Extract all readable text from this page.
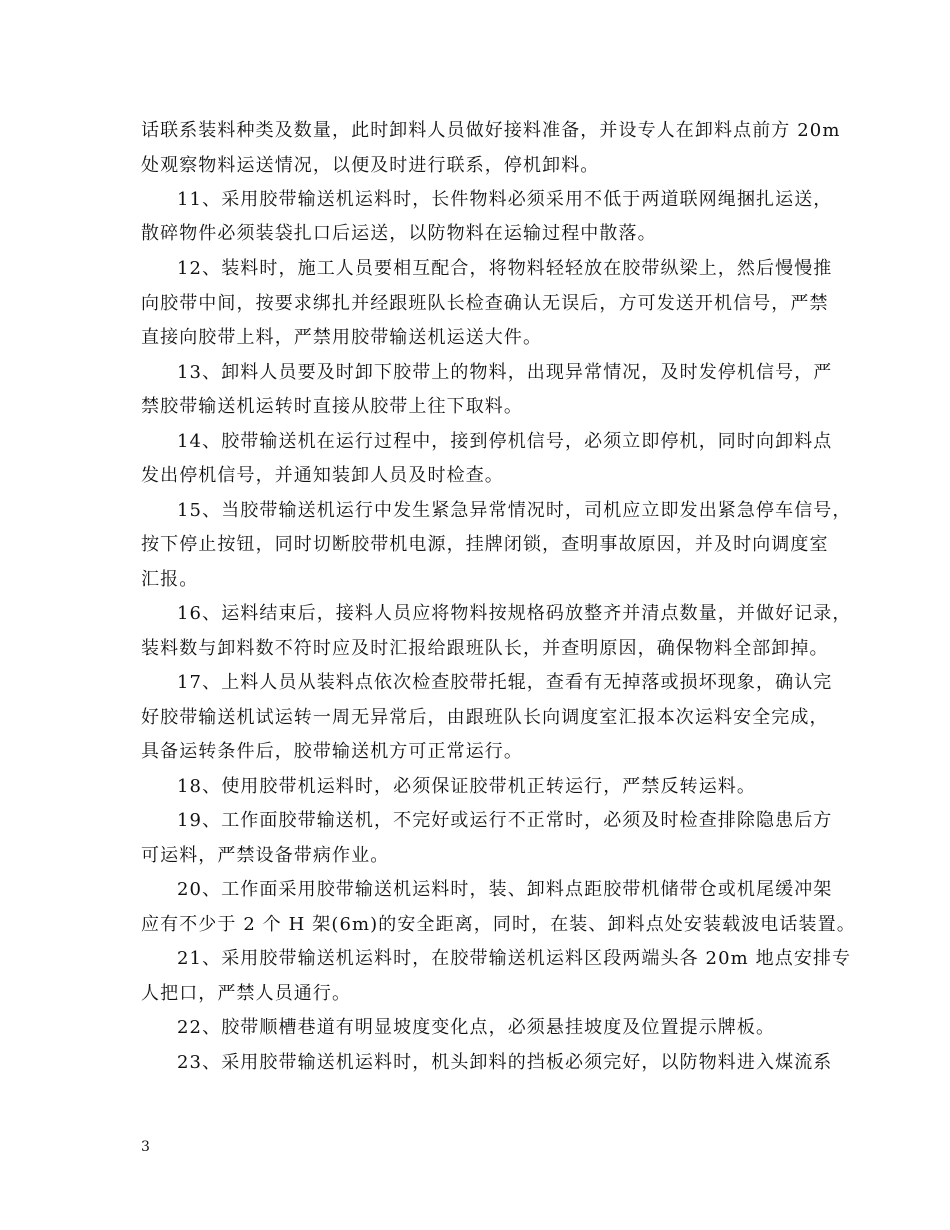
话联系装料种类及数量，此时卸料人员做好接料准备，并设专人在卸料点前方 20m
处观察物料运送情况，以便及时进行联系，停机卸料。
11、采用胶带输送机运料时，长件物料必须采用不低于两道联网绳捆扎运送，
散碎物件必须装袋扎口后运送，以防物料在运输过程中散落。
12、装料时，施工人员要相互配合，将物料轻轻放在胶带纵梁上，然后慢慢推
向胶带中间，按要求绑扎并经跟班队长检查确认无误后，方可发送开机信号，严禁
直接向胶带上料，严禁用胶带输送机运送大件。
13、卸料人员要及时卸下胶带上的物料，出现异常情况，及时发停机信号，严
禁胶带输送机运转时直接从胶带上往下取料。
14、胶带输送机在运行过程中，接到停机信号，必须立即停机，同时向卸料点
发出停机信号，并通知装卸人员及时检查。
15、当胶带输送机运行中发生紧急异常情况时，司机应立即发出紧急停车信号，
按下停止按钮，同时切断胶带机电源，挂牌闭锁，查明事故原因，并及时向调度室
汇报。
16、运料结束后，接料人员应将物料按规格码放整齐并清点数量，并做好记录，
装料数与卸料数不符时应及时汇报给跟班队长，并查明原因，确保物料全部卸掉。
17、上料人员从装料点依次检查胶带托辊，查看有无掉落或损坏现象，确认完
好胶带输送机试运转一周无异常后，由跟班队长向调度室汇报本次运料安全完成，
具备运转条件后，胶带输送机方可正常运行。
18、使用胶带机运料时，必须保证胶带机正转运行，严禁反转运料。
19、工作面胶带输送机，不完好或运行不正常时，必须及时检查排除隐患后方
可运料，严禁设备带病作业。
20、工作面采用胶带输送机运料时，装、卸料点距胶带机储带仓或机尾缓冲架
应有不少于 2 个 H 架(6m)的安全距离，同时，在装、卸料点处安装载波电话装置。
21、采用胶带输送机运料时，在胶带输送机运料区段两端头各 20m 地点安排专
人把口，严禁人员通行。
22、胶带顺槽巷道有明显坡度变化点，必须悬挂坡度及位置提示牌板。
23、采用胶带输送机运料时，机头卸料的挡板必须完好，以防物料进入煤流系
3
